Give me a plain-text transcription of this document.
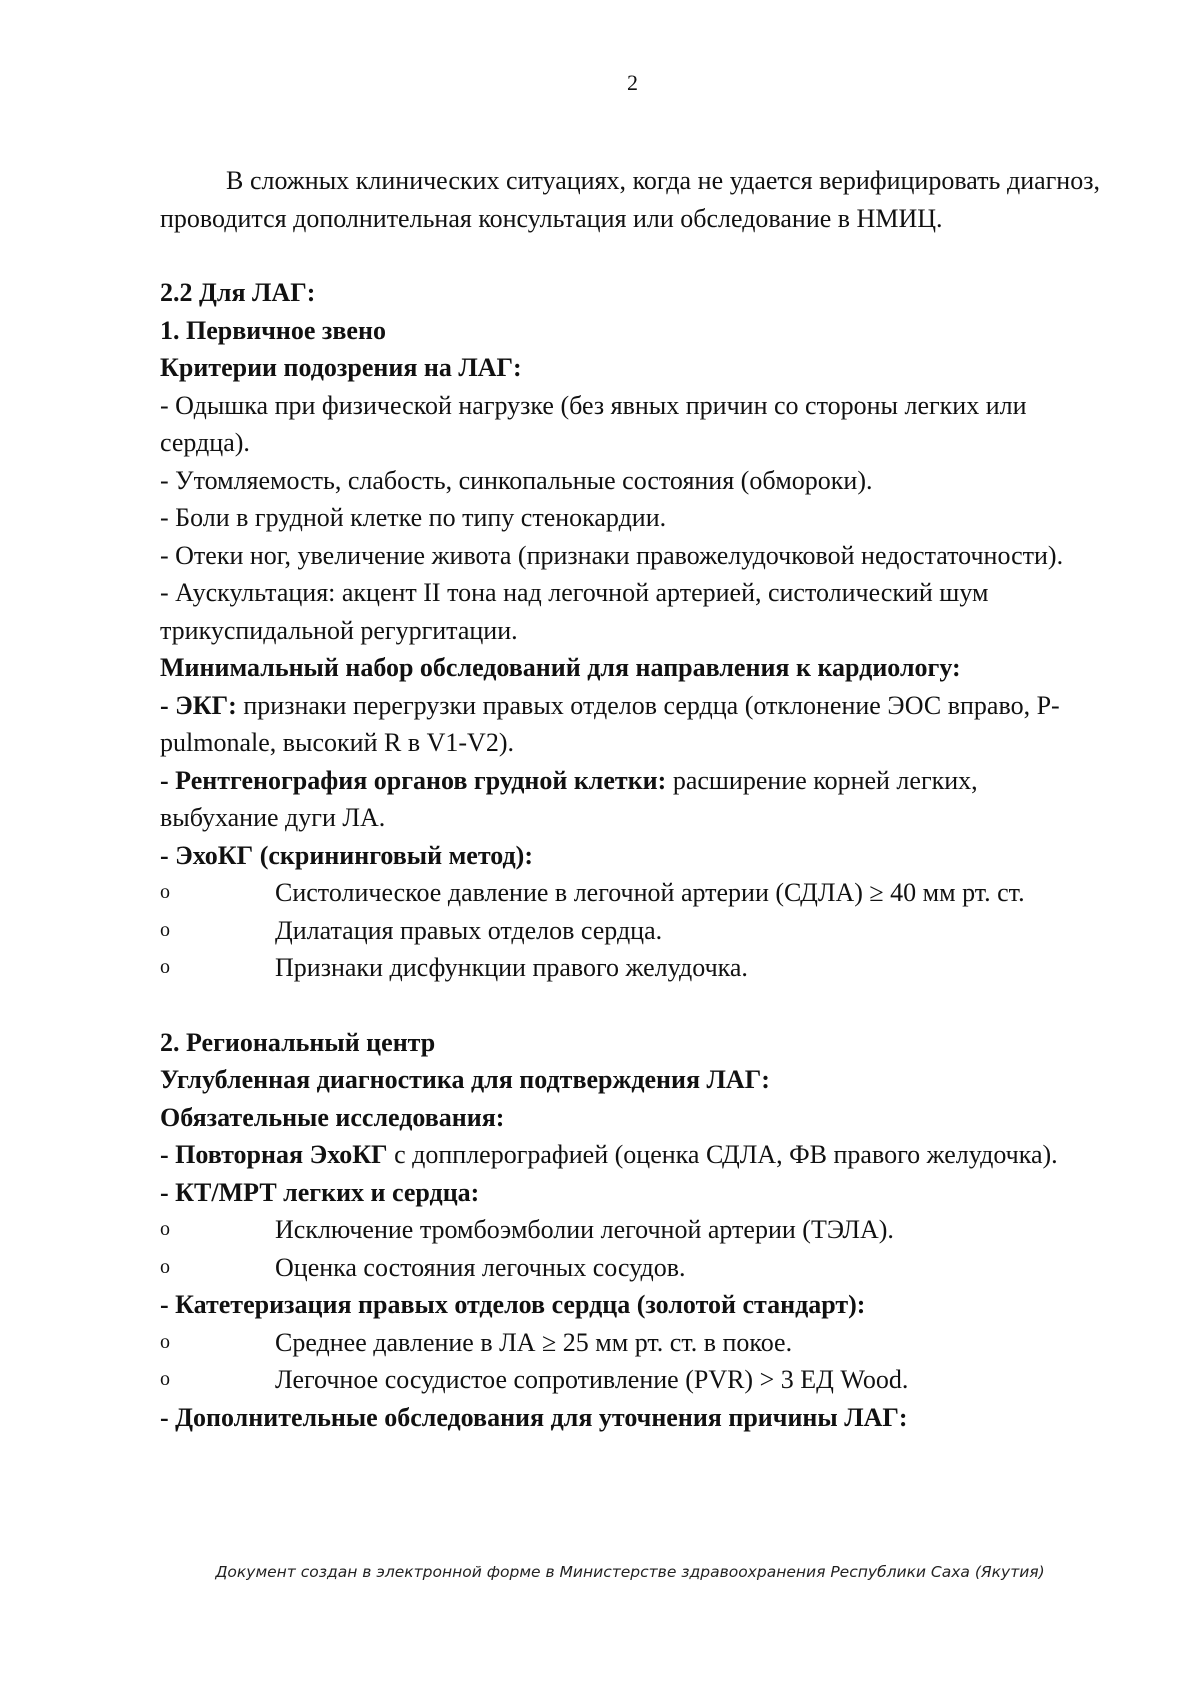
2

В сложных клинических ситуациях, когда не удается верифицировать диагноз, проводится дополнительная консультация или обследование в НМИЦ.

2.2 Для ЛАГ:

1. Первичное звено

Критерии подозрения на ЛАГ:

- Одышка при физической нагрузке (без явных причин со стороны легких или сердца).

- Утомляемость, слабость, синкопальные состояния (обмороки).

- Боли в грудной клетке по типу стенокардии.

- Отеки ног, увеличение живота (признаки правожелудочковой недостаточности).

- Аускультация: акцент II тона над легочной артерией, систолический шум трикуспидальной регургитации.

Минимальный набор обследований для направления к кардиологу:

- ЭКГ: признаки перегрузки правых отделов сердца (отклонение ЭОС вправо, P-pulmonale, высокий R в V1-V2).

- Рентгенография органов грудной клетки: расширение корней легких, выбухание дуги ЛА.

- ЭхоКГ (скрининговый метод):

o	Систолическое давление в легочной артерии (СДЛА) ≥ 40 мм рт. ст.
o	Дилатация правых отделов сердца.
o	Признаки дисфункции правого желудочка.

2. Региональный центр

Углубленная диагностика для подтверждения ЛАГ:

Обязательные исследования:

- Повторная ЭхоКГ с допплерографией (оценка СДЛА, ФВ правого желудочка).

- КТ/МРТ легких и сердца:

o	Исключение тромбоэмболии легочной артерии (ТЭЛА).
o	Оценка состояния легочных сосудов.

- Катетеризация правых отделов сердца (золотой стандарт):

o	Среднее давление в ЛА ≥ 25 мм рт. ст. в покое.
o	Легочное сосудистое сопротивление (PVR) > 3 ЕД Wood.

- Дополнительные обследования для уточнения причины ЛАГ:

Документ создан в электронной форме в Министерстве здравоохранения Республики Саха (Якутия)
